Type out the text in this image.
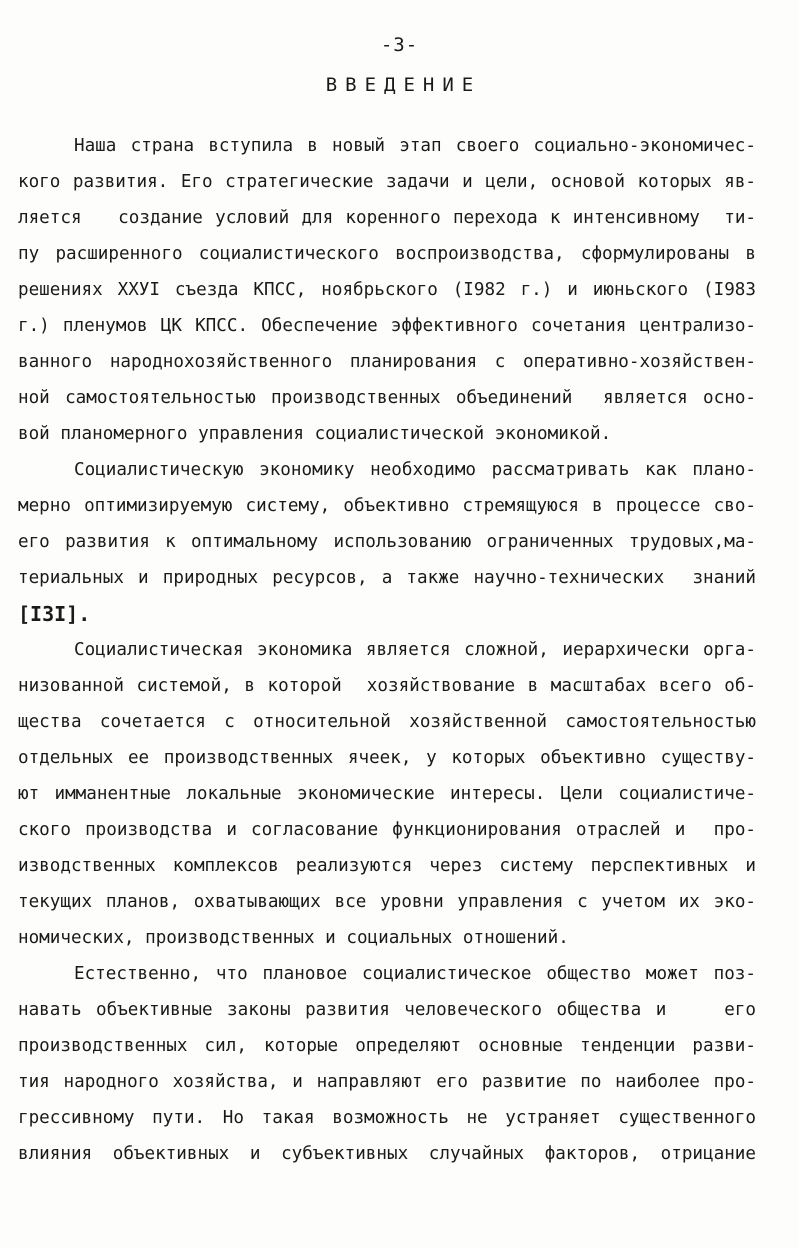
-3-
ВВЕДЕНИЕ
Наша страна вступила в новый этап своего социально-экономичес-
кого развития. Его стратегические задачи и цели, основой которых яв-
ляется   создание условий для коренного перехода к интенсивному  ти-
пу расширенного социалистического воспроизводства, сформулированы в
решениях ХХУI съезда КПСС, ноябрьского (I982 г.) и июньского (I983
г.) пленумов ЦК КПСС. Обеспечение эффективного сочетания централизо-
ванного народнохозяйственного планирования с оперативно-хозяйствен-
ной самостоятельностью производственных объединений  является осно-
вой планомерного управления социалистической экономикой.
Социалистическую экономику необходимо рассматривать как плано-
мерно оптимизируемую систему, объективно стремящуюся в процессе сво-
его развития к оптимальному использованию ограниченных трудовых,ма-
териальных и природных ресурсов, а также научно-технических  знаний
[I3I].
Социалистическая экономика является сложной, иерархически орга-
низованной системой, в которой  хозяйствование в масштабах всего об-
щества сочетается с относительной хозяйственной самостоятельностью
отдельных ее производственных ячеек, у которых объективно существу-
ют имманентные локальные экономические интересы. Цели социалистиче-
ского производства и согласование функционирования отраслей и  про-
изводственных комплексов реализуются через систему перспективных и
текущих планов, охватывающих все уровни управления с учетом их эко-
номических, производственных и социальных отношений.
Естественно, что плановое социалистическое общество может поз-
навать объективные законы развития человеческого общества и    его
производственных сил, которые определяют основные тенденции разви-
тия народного хозяйства, и направляют его развитие по наиболее про-
грессивному пути. Но такая возможность не устраняет существенного
влияния объективных и субъективных случайных факторов, отрицание
